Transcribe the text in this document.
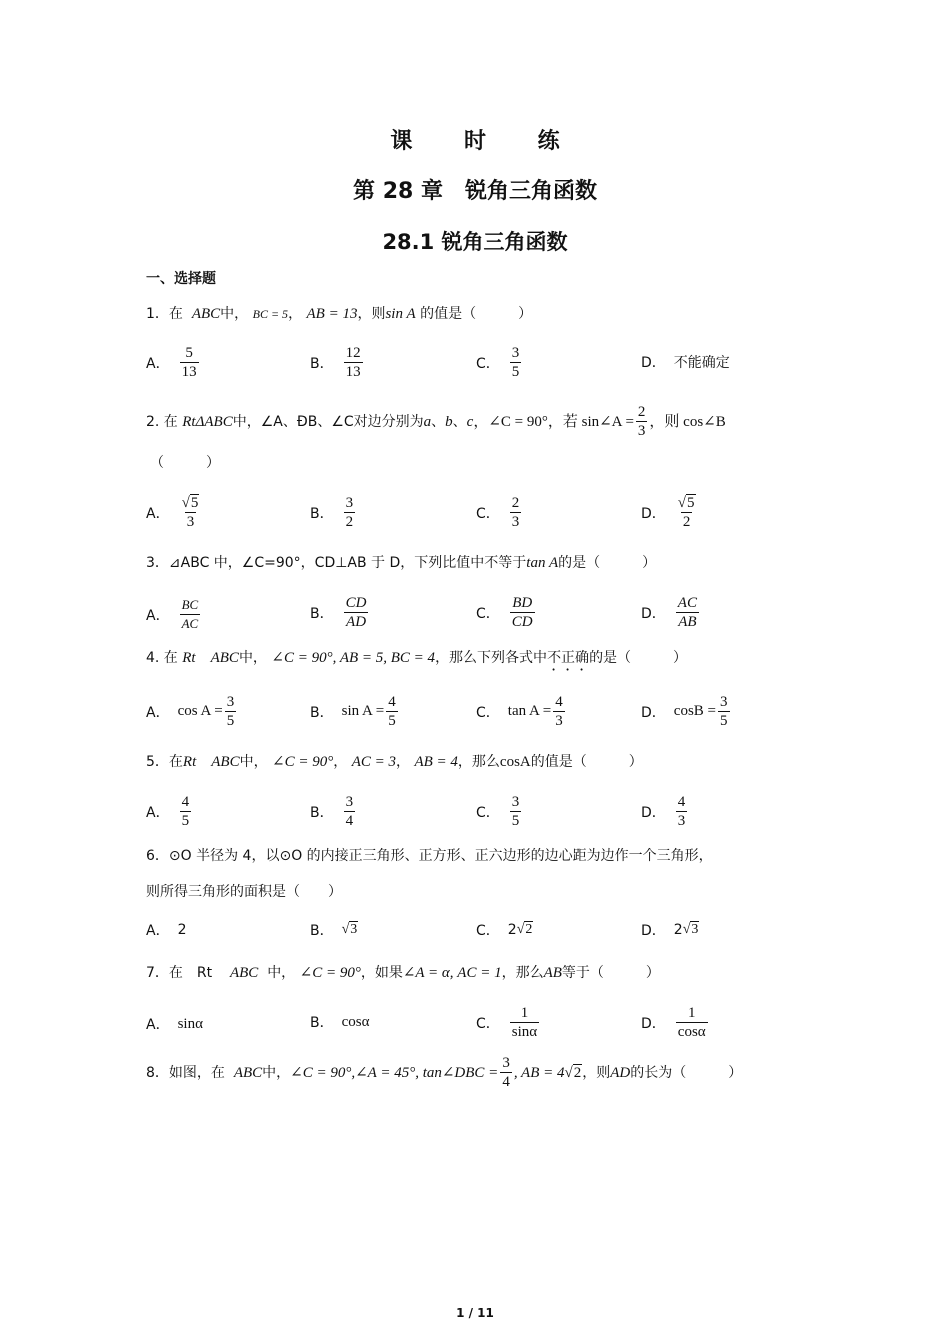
课 时 练
第 28 章　锐角三角函数
28.1 锐角三角函数
一、选择题
1．在 ABC中， BC = 5， AB = 13，则sin A 的值是（　　　）
A． $\frac{5}{13}$	B． $\frac{12}{13}$	C． $\frac{3}{5}$	D． 不能确定
2. 在
RtΔABC 中，∠A、ÐB、∠C对边分别为 a 、 b 、 c ，∠C = 90°，若 sin∠A = $\frac{2}{3}$ ，则 cos∠B
（　　　）
A． $\frac{√5}{3}$	B． $\frac{3}{2}$	C． $\frac{2}{3}$	D． $\frac{√5}{2}$
3．⊿ABC 中，∠C=90°，CD⊥AB 于 D，下列比值中不等于tan A的是（　　　）
A． $\frac{BC}{AC}$	B． $\frac{CD}{AD}$	C． $\frac{BD}{CD}$	D． $\frac{AC}{AB}$
4. 在 Rt　ABC中， ∠C = 90°, AB = 5, BC = 4，那么下列各式中不正确的是（　　　）
A． $\cos A = \frac{3}{5}$	B． $\sin A = \frac{4}{5}$	C． $\tan A = \frac{4}{3}$	D． $\cos B = \frac{3}{5}$
5．在Rt　ABC中， ∠C = 90°， AC = 3， AB = 4，那么cosA的值是（　　　）
A． $\frac{4}{5}$	B． $\frac{3}{4}$	C． $\frac{3}{5}$	D． $\frac{4}{3}$
6．⊙O 半径为 4，以⊙O 的内接正三角形、正方形、正六边形的边心距为边作一个三角形，
则所得三角形的面积是（　　）
A． 2	B． √3	C． 2 √2	D． 2 √3
7．在　Rt ABC 中， ∠C = 90°，如果∠A = α, AC = 1，那么AB等于（　　　）
A． sinα	B． cosα	C． $\frac{1}{\sin\alpha}$	D． $\frac{1}{\cos\alpha}$
8．如图，在
ABC 中， ∠C = 90°,∠A = 45°, tan∠DBC = $\frac{3}{4}$ , AB = 4 √2 ，则 AD 的长为（　　　）
1 / 11
